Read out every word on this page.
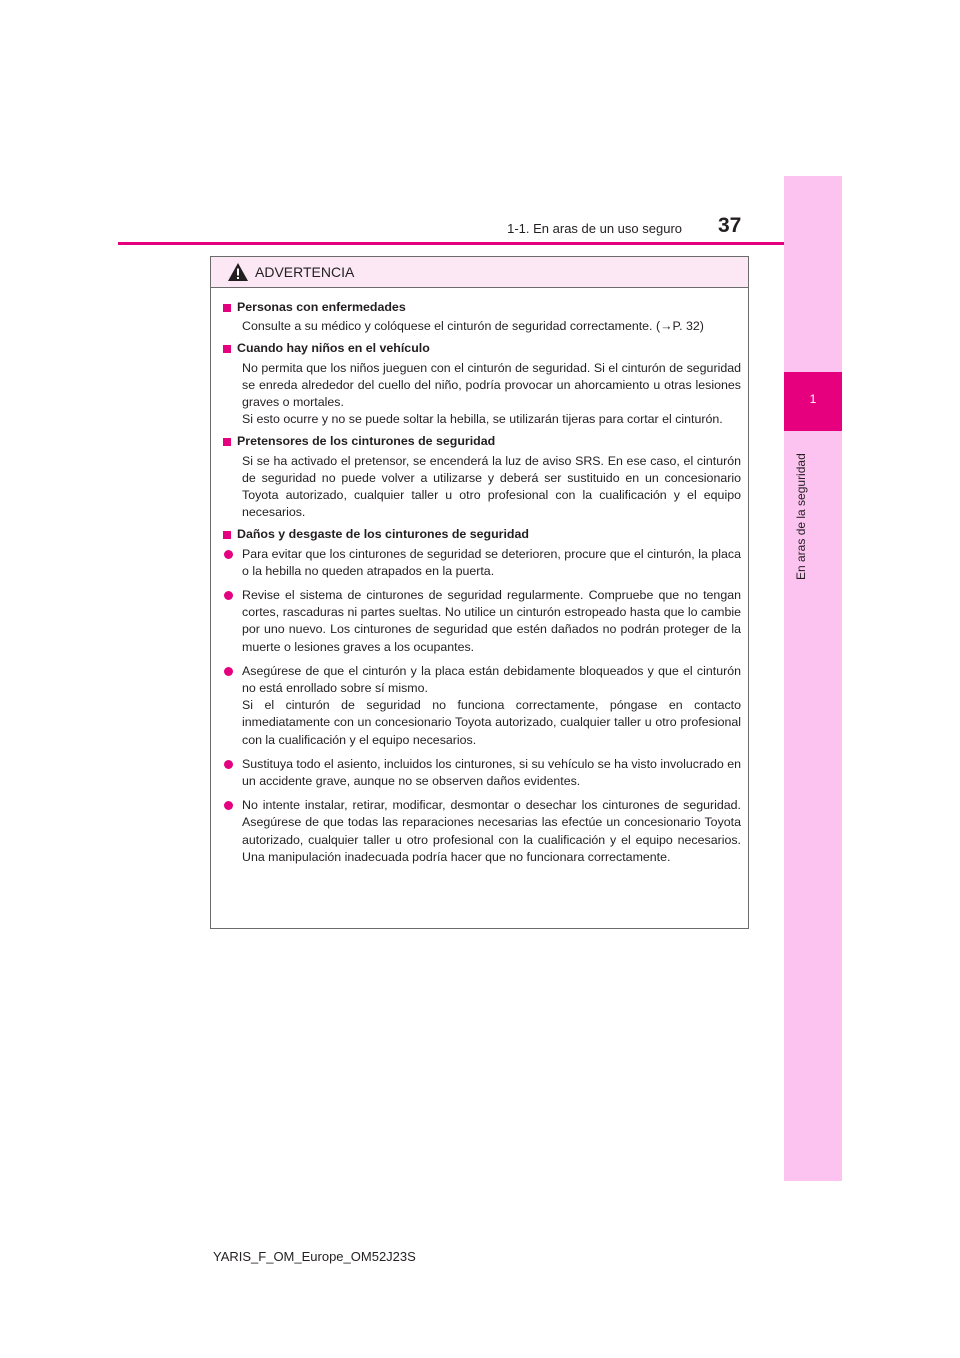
1-1. En aras de un uso seguro 37
1
En aras de la seguridad
ADVERTENCIA
Personas con enfermedades
Consulte a su médico y colóquese el cinturón de seguridad correctamente. (→P. 32)
Cuando hay niños en el vehículo
No permita que los niños jueguen con el cinturón de seguridad. Si el cinturón de seguridad se enreda alrededor del cuello del niño, podría provocar un ahorcamiento u otras lesiones graves o mortales.
Si esto ocurre y no se puede soltar la hebilla, se utilizarán tijeras para cortar el cinturón.
Pretensores de los cinturones de seguridad
Si se ha activado el pretensor, se encenderá la luz de aviso SRS. En ese caso, el cinturón de seguridad no puede volver a utilizarse y deberá ser sustituido en un concesionario Toyota autorizado, cualquier taller u otro profesional con la cualificación y el equipo necesarios.
Daños y desgaste de los cinturones de seguridad
Para evitar que los cinturones de seguridad se deterioren, procure que el cinturón, la placa o la hebilla no queden atrapados en la puerta.
Revise el sistema de cinturones de seguridad regularmente. Compruebe que no tengan cortes, rascaduras ni partes sueltas. No utilice un cinturón estropeado hasta que lo cambie por uno nuevo. Los cinturones de seguridad que estén dañados no podrán proteger de la muerte o lesiones graves a los ocupantes.
Asegúrese de que el cinturón y la placa están debidamente bloqueados y que el cinturón no está enrollado sobre sí mismo.
Si el cinturón de seguridad no funciona correctamente, póngase en contacto inmediatamente con un concesionario Toyota autorizado, cualquier taller u otro profesional con la cualificación y el equipo necesarios.
Sustituya todo el asiento, incluidos los cinturones, si su vehículo se ha visto involucrado en un accidente grave, aunque no se observen daños evidentes.
No intente instalar, retirar, modificar, desmontar o desechar los cinturones de seguridad. Asegúrese de que todas las reparaciones necesarias las efectúe un concesionario Toyota autorizado, cualquier taller u otro profesional con la cualificación y el equipo necesarios. Una manipulación inadecuada podría hacer que no funcionara correctamente.
YARIS_F_OM_Europe_OM52J23S
